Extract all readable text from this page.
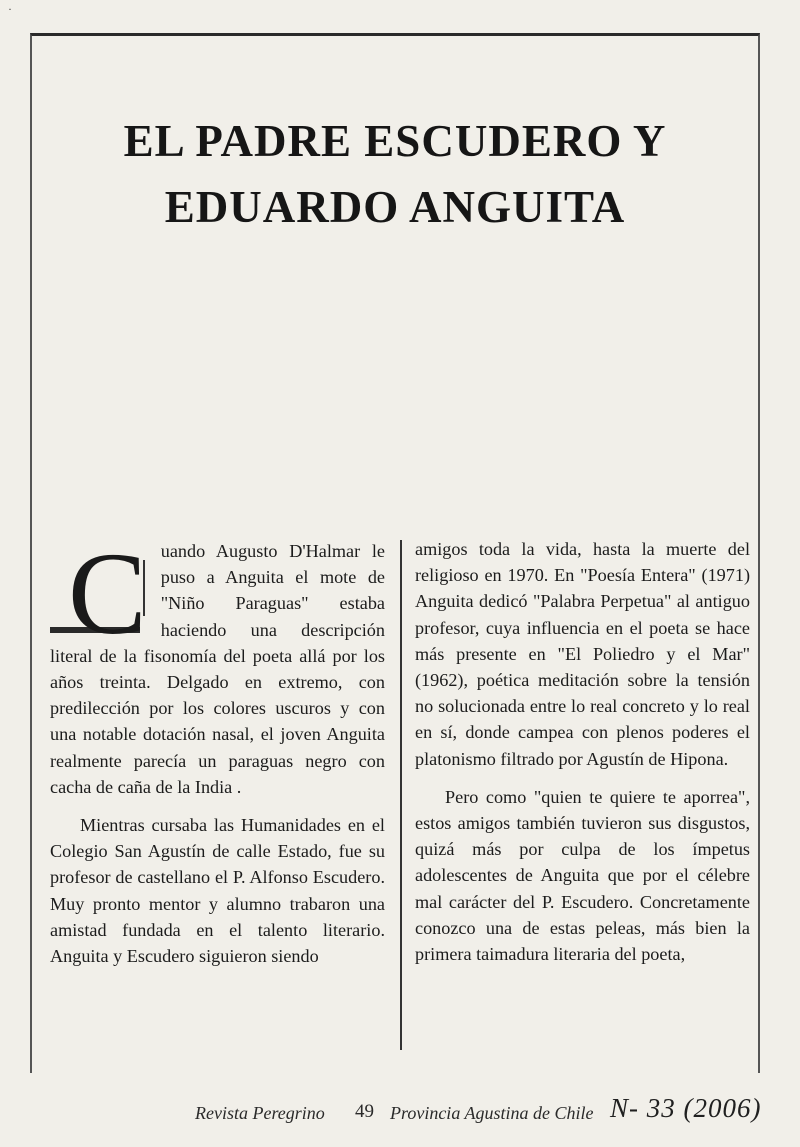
·
EL PADRE ESCUDERO Y
EDUARDO ANGUITA

Cuando Augusto D'Halmar le puso a Anguita el mote de "Niño Paraguas" estaba haciendo una descripción literal de la fisonomía del poeta allá por los años treinta. Delgado en extremo, con predilección por los colores uscuros y con una notable dotación nasal, el joven Anguita realmente parecía un paraguas negro con cacha de caña de la India .

Mientras cursaba las Humanidades en el Colegio San Agustín de calle Estado, fue su profesor de castellano el P. Alfonso Escudero. Muy pronto mentor y alumno trabaron una amistad fundada en el talento literario. Anguita y Escudero siguieron siendo

amigos toda la vida, hasta la muerte del religioso en 1970. En "Poesía Entera" (1971) Anguita dedicó "Palabra Perpetua" al antiguo profesor, cuya influencia en el poeta se hace más presente en "El Poliedro y el Mar" (1962), poética meditación sobre la tensión no solucionada entre lo real concreto y lo real en sí, donde campea con plenos poderes el platonismo filtrado por Agustín de Hipona.

Pero como "quien te quiere te aporrea", estos amigos también tuvieron sus disgustos, quizá más por culpa de los ímpetus adolescentes de Anguita que por el célebre mal carácter del P. Escudero. Concretamente conozco una de estas peleas, más bien la primera taimadura literaria del poeta,

Revista Peregrino 49 Provincia Agustina de Chile N- 33 (2006)
